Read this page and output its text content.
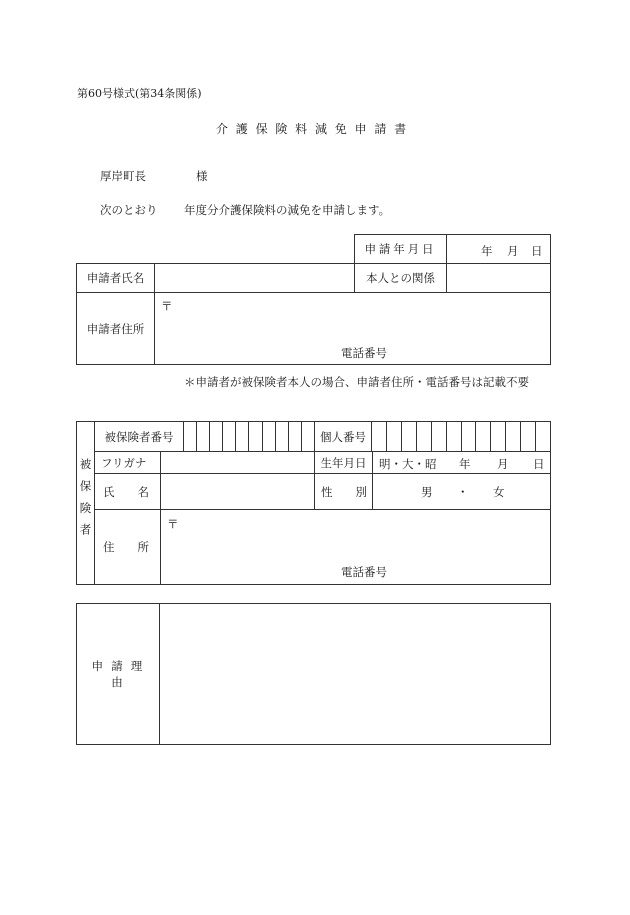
第60号様式(第34条関係)
介護保険料減免申請書
厚岸町長	様
次のとおり 年度分介護保険料の減免を申請します。
		申請年月日	年 月 日

申請者氏名		本人との関係	
申請者住所	〒
電話番号		
＊申請者が被保険者本人の場合、申請者住所・電話番号は記載不要
被保険者	被保険者番号		個人番号	

	フリガナ		生年月日	明・大・昭 年 月 日

	氏　　名		性　　別	男 ・ 女

	住　　所	〒
電話番号		
申請理由	
